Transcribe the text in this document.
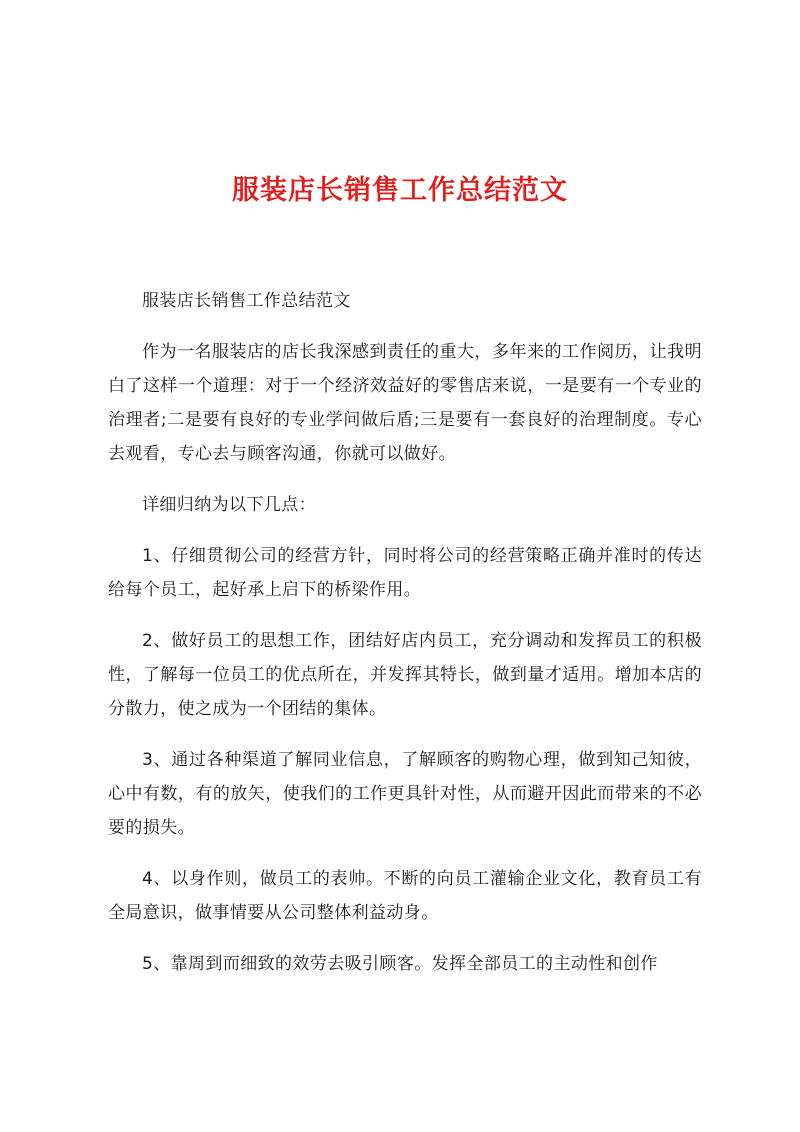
服装店长销售工作总结范文

服装店长销售工作总结范文

作为一名服装店的店长我深感到责任的重大，多年来的工作阅历，让我明白了这样一个道理：对于一个经济效益好的零售店来说，一是要有一个专业的治理者;二是要有良好的专业学问做后盾;三是要有一套良好的治理制度。专心去观看，专心去与顾客沟通，你就可以做好。

详细归纳为以下几点：

1、仔细贯彻公司的经营方针，同时将公司的经营策略正确并准时的传达给每个员工，起好承上启下的桥梁作用。

2、做好员工的思想工作，团结好店内员工，充分调动和发挥员工的积极性，了解每一位员工的优点所在，并发挥其特长，做到量才适用。增加本店的分散力，使之成为一个团结的集体。

3、通过各种渠道了解同业信息，了解顾客的购物心理，做到知己知彼，心中有数，有的放矢，使我们的工作更具针对性，从而避开因此而带来的不必要的损失。

4、以身作则，做员工的表帅。不断的向员工灌输企业文化，教育员工有全局意识，做事情要从公司整体利益动身。

5、靠周到而细致的效劳去吸引顾客。发挥全部员工的主动性和创作
